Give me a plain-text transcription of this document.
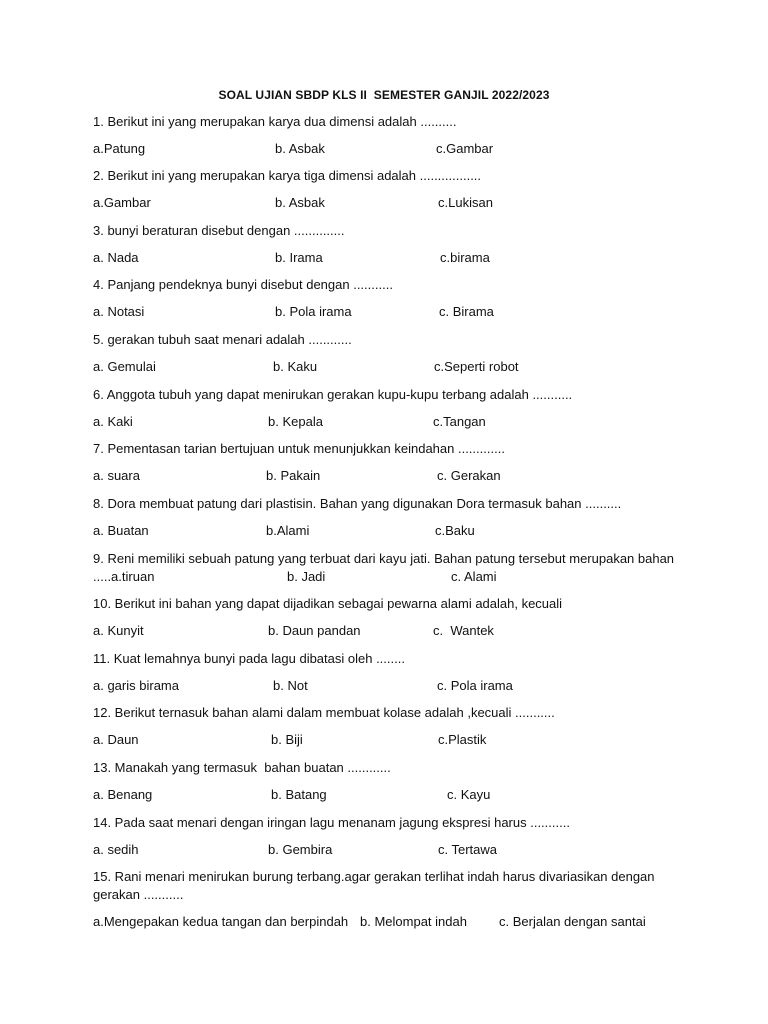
SOAL UJIAN SBDP KLS II  SEMESTER GANJIL 2022/2023
1. Berikut ini yang merupakan karya dua dimensi adalah ..........
a.Patung	b. Asbak	c.Gambar
2. Berikut ini yang merupakan karya tiga dimensi adalah .................
a.Gambar	b. Asbak	c.Lukisan
3. bunyi beraturan disebut dengan ..............
a. Nada	b. Irama	c.birama
4. Panjang pendeknya bunyi disebut dengan ...........
a. Notasi	b. Pola irama	c. Birama
5. gerakan tubuh saat menari adalah ............
a. Gemulai	b. Kaku	c.Seperti robot
6. Anggota tubuh yang dapat menirukan gerakan kupu-kupu terbang adalah ...........
a. Kaki	b. Kepala	c.Tangan
7. Pementasan tarian bertujuan untuk menunjukkan keindahan .............
a. suara	b. Pakain	c. Gerakan
8. Dora membuat patung dari plastisin. Bahan yang digunakan Dora termasuk bahan ..........
a. Buatan	b.Alami	c.Baku
9. Reni memiliki sebuah patung yang terbuat dari kayu jati. Bahan patung tersebut merupakan bahan
.....a.tiruan	b. Jadi	c. Alami
10. Berikut ini bahan yang dapat dijadikan sebagai pewarna alami adalah, kecuali
a. Kunyit	b. Daun pandan	c.  Wantek
11. Kuat lemahnya bunyi pada lagu dibatasi oleh ........
a. garis birama	b. Not	c. Pola irama
12. Berikut ternasuk bahan alami dalam membuat kolase adalah ,kecuali ...........
a. Daun	b. Biji	c.Plastik
13. Manakah yang termasuk  bahan buatan ............
a. Benang	b. Batang	c. Kayu
14. Pada saat menari dengan iringan lagu menanam jagung ekspresi harus ...........
a. sedih	b. Gembira	c. Tertawa
15. Rani menari menirukan burung terbang.agar gerakan terlihat indah harus divariasikan dengan
gerakan ...........
a.Mengepakan kedua tangan dan berpindah b. Melompat indah c. Berjalan dengan santai
